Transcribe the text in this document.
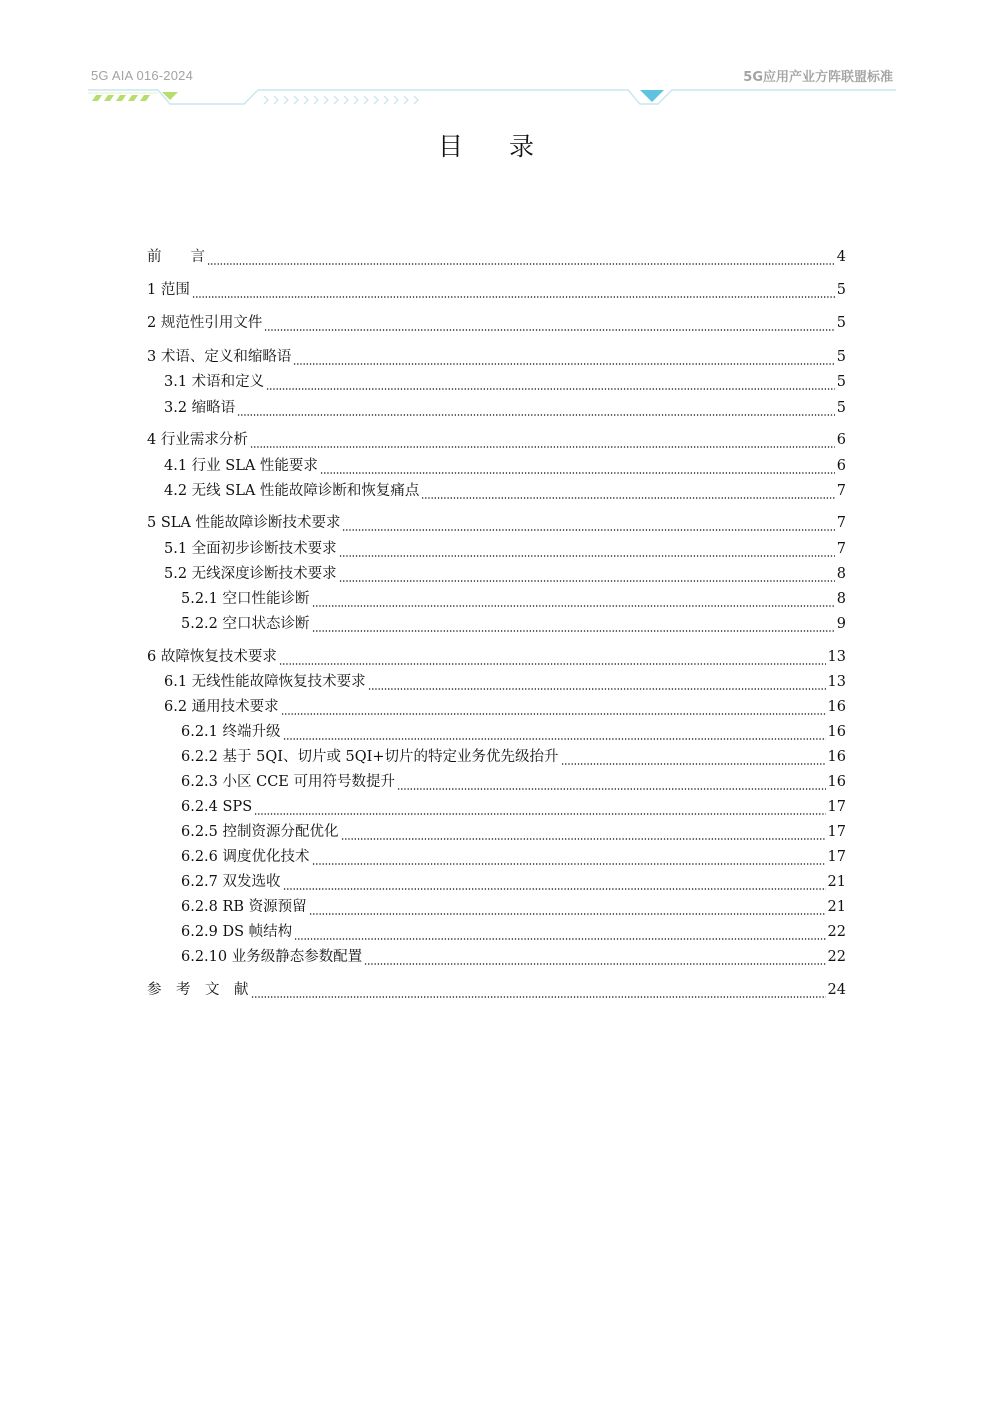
5G AIA 016-2024	5G应用产业方阵联盟标准
目录
前　　言	4
1 范围	5
2 规范性引用文件	5
3 术语、定义和缩略语	5
3.1 术语和定义	5
3.2 缩略语	5
4 行业需求分析	6
4.1 行业 SLA 性能要求	6
4.2 无线 SLA 性能故障诊断和恢复痛点	7
5 SLA 性能故障诊断技术要求	7
5.1 全面初步诊断技术要求	7
5.2 无线深度诊断技术要求	8
5.2.1 空口性能诊断	8
5.2.2 空口状态诊断	9
6 故障恢复技术要求	13
6.1 无线性能故障恢复技术要求	13
6.2 通用技术要求	16
6.2.1 终端升级	16
6.2.2 基于 5QI、切片或 5QI+切片的特定业务优先级抬升	16
6.2.3 小区 CCE 可用符号数提升	16
6.2.4 SPS	17
6.2.5 控制资源分配优化	17
6.2.6 调度优化技术	17
6.2.7 双发选收	21
6.2.8 RB 资源预留	21
6.2.9 DS 帧结构	22
6.2.10 业务级静态参数配置	22
参　考　文　献	24
